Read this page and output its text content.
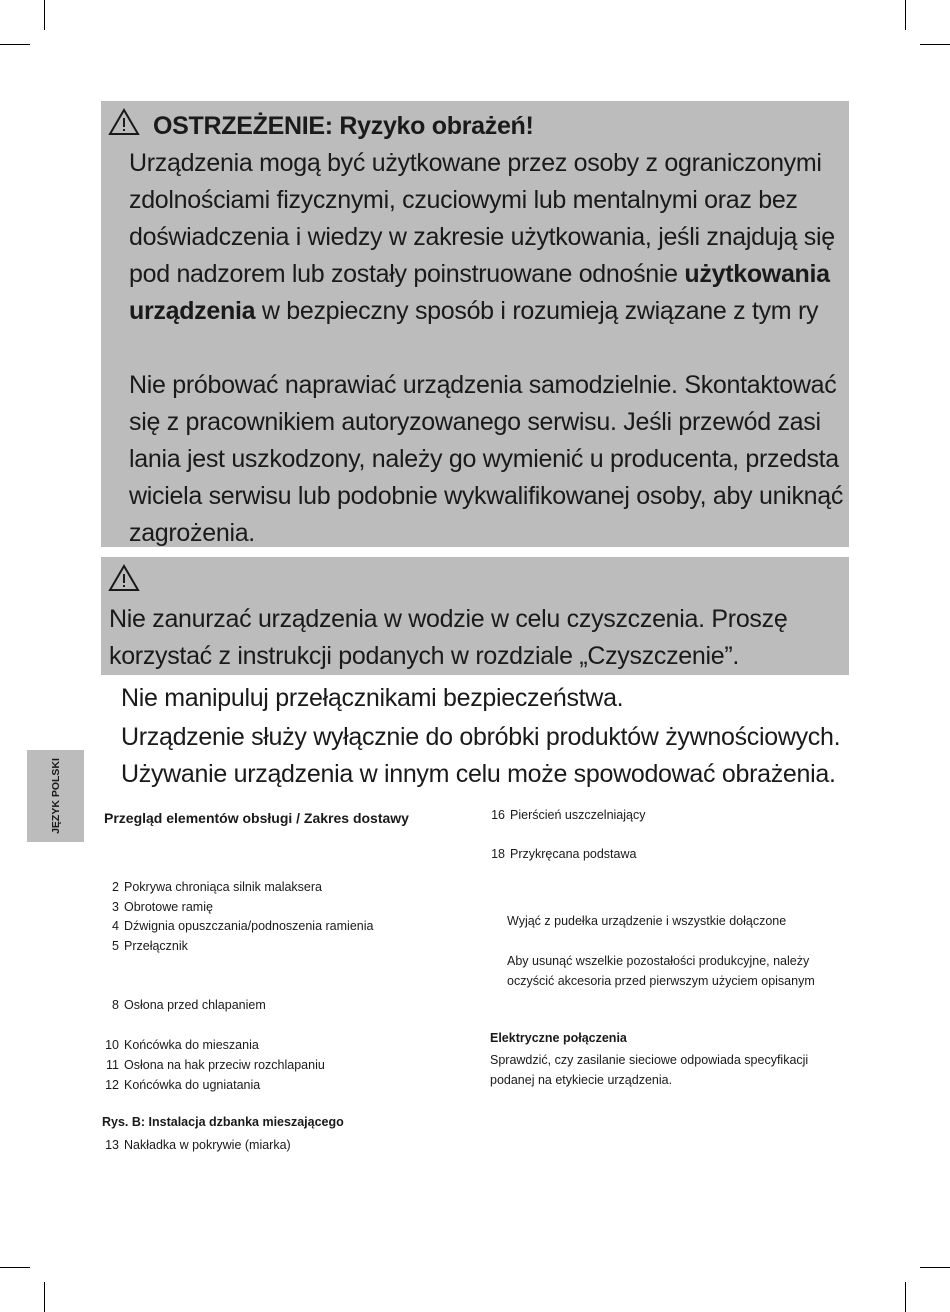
OSTRZEŻENIE: Ryzyko obrażeń!
Urządzenia mogą być użytkowane przez osoby z ograniczonymi
zdolnościami fizycznymi, czuciowymi lub mentalnymi oraz bez
doświadczenia i wiedzy w zakresie użytkowania, jeśli znajdują się
pod nadzorem lub zostały poinstruowane odnośnie użytkowania
urządzenia w bezpieczny sposób i rozumieją związane z tym ry
Nie próbować naprawiać urządzenia samodzielnie. Skontaktować
się z pracownikiem autoryzowanego serwisu. Jeśli przewód zasi
lania jest uszkodzony, należy go wymienić u producenta, przedsta
wiciela serwisu lub podobnie wykwalifikowanej osoby, aby uniknąć
zagrożenia.
Nie zanurzać urządzenia w wodzie w celu czyszczenia. Proszę
korzystać z instrukcji podanych w rozdziale „Czyszczenie”.
Nie manipuluj przełącznikami bezpieczeństwa.
Urządzenie służy wyłącznie do obróbki produktów żywnościowych.
Używanie urządzenia w innym celu może spowodować obrażenia.
JĘZYK POLSKI	Przegląd elementów obsługi / Zakres dostawy
2 Pokrywa chroniąca silnik malaksera
3 Obrotowe ramię
4 Dźwignia opuszczania/podnoszenia ramienia
5 Przełącznik
8 Osłona przed chlapaniem
10 Końcówka do mieszania
11 Osłona na hak przeciw rozchlapaniu
12 Końcówka do ugniatania
Rys. B: Instalacja dzbanka mieszającego
13 Nakładka w pokrywie (miarka)
16 Pierścień uszczelniający
18 Przykręcana podstawa
Wyjąć z pudełka urządzenie i wszystkie dołączone
Aby usunąć wszelkie pozostałości produkcyjne, należy
oczyścić akcesoria przed pierwszym użyciem opisanym
Elektryczne połączenia
Sprawdzić, czy zasilanie sieciowe odpowiada specyfikacji
podanej na etykiecie urządzenia.
